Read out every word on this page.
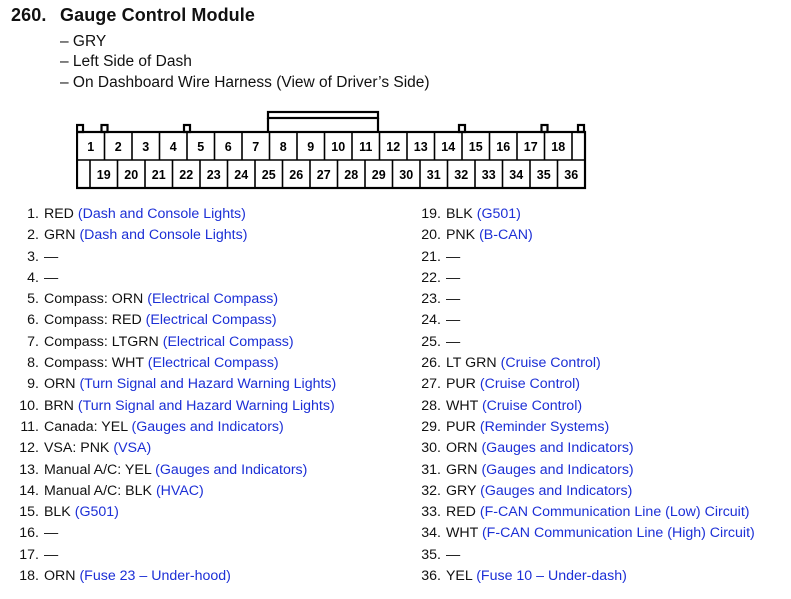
260. Gauge Control Module
– GRY
– Left Side of Dash
– On Dashboard Wire Harness (View of Driver’s Side)
1 2 3 4 5 6 7 8 9 10 11 12 13 14 15 16 17 18
19 20 21 22 23 24 25 26 27 28 29 30 31 32 33 34 35 36
1. RED (Dash and Console Lights)
2. GRN (Dash and Console Lights)
3. —
4. —
5. Compass: ORN (Electrical Compass)
6. Compass: RED (Electrical Compass)
7. Compass: LTGRN (Electrical Compass)
8. Compass: WHT (Electrical Compass)
9. ORN (Turn Signal and Hazard Warning Lights)
10. BRN (Turn Signal and Hazard Warning Lights)
11. Canada: YEL (Gauges and Indicators)
12. VSA: PNK (VSA)
13. Manual A/C: YEL (Gauges and Indicators)
14. Manual A/C: BLK (HVAC)
15. BLK (G501)
16. —
17. —
18. ORN (Fuse 23 – Under-hood)
19. BLK (G501)
20. PNK (B-CAN)
21. —
22. —
23. —
24. —
25. —
26. LT GRN (Cruise Control)
27. PUR (Cruise Control)
28. WHT (Cruise Control)
29. PUR (Reminder Systems)
30. ORN (Gauges and Indicators)
31. GRN (Gauges and Indicators)
32. GRY (Gauges and Indicators)
33. RED (F-CAN Communication Line (Low) Circuit)
34. WHT (F-CAN Communication Line (High) Circuit)
35. —
36. YEL (Fuse 10 – Under-dash)
